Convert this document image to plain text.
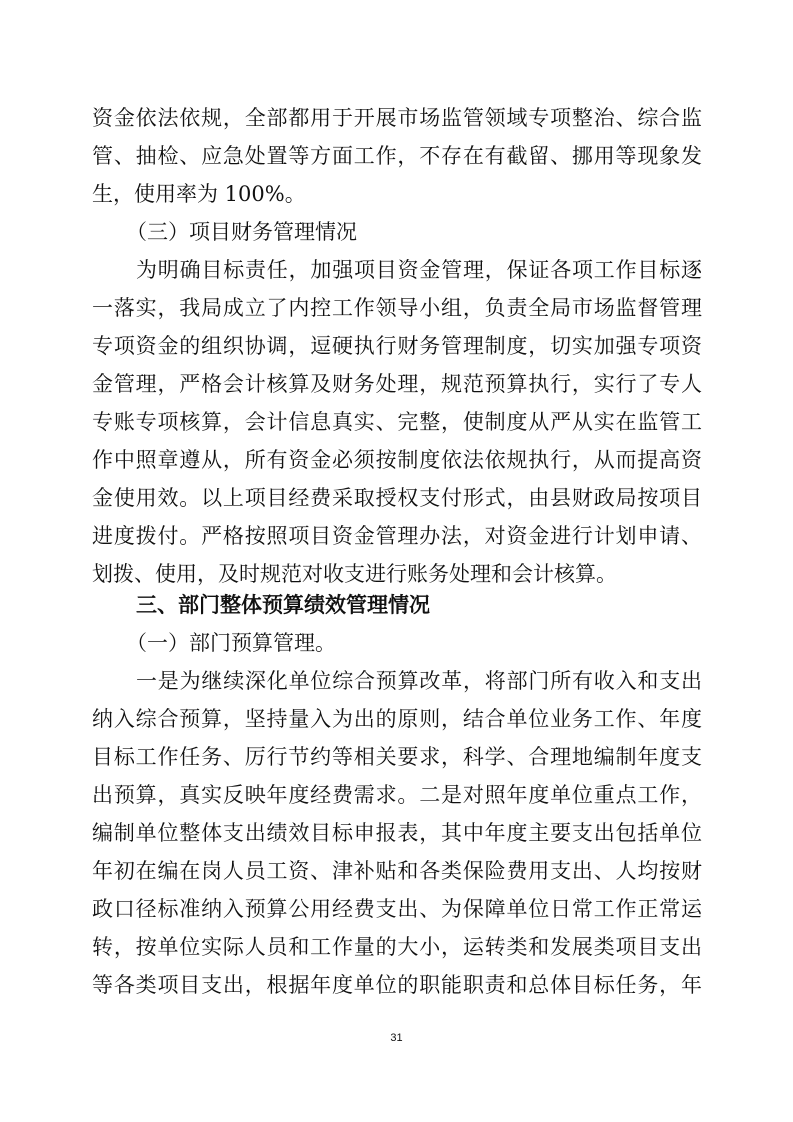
资金依法依规，全部都用于开展市场监管领域专项整治、综合监
管、抽检、应急处置等方面工作，不存在有截留、挪用等现象发
生，使用率为 100%。
（三）项目财务管理情况
为明确目标责任，加强项目资金管理，保证各项工作目标逐
一落实，我局成立了内控工作领导小组，负责全局市场监督管理
专项资金的组织协调，逗硬执行财务管理制度，切实加强专项资
金管理，严格会计核算及财务处理，规范预算执行，实行了专人
专账专项核算，会计信息真实、完整，使制度从严从实在监管工
作中照章遵从，所有资金必须按制度依法依规执行，从而提高资
金使用效。以上项目经费采取授权支付形式，由县财政局按项目
进度拨付。严格按照项目资金管理办法，对资金进行计划申请、
划拨、使用，及时规范对收支进行账务处理和会计核算。
三、部门整体预算绩效管理情况
（一）部门预算管理。
一是为继续深化单位综合预算改革，将部门所有收入和支出
纳入综合预算，坚持量入为出的原则，结合单位业务工作、年度
目标工作任务、厉行节约等相关要求，科学、合理地编制年度支
出预算，真实反映年度经费需求。二是对照年度单位重点工作，
编制单位整体支出绩效目标申报表，其中年度主要支出包括单位
年初在编在岗人员工资、津补贴和各类保险费用支出、人均按财
政口径标准纳入预算公用经费支出、为保障单位日常工作正常运
转，按单位实际人员和工作量的大小，运转类和发展类项目支出
等各类项目支出，根据年度单位的职能职责和总体目标任务，年
31
